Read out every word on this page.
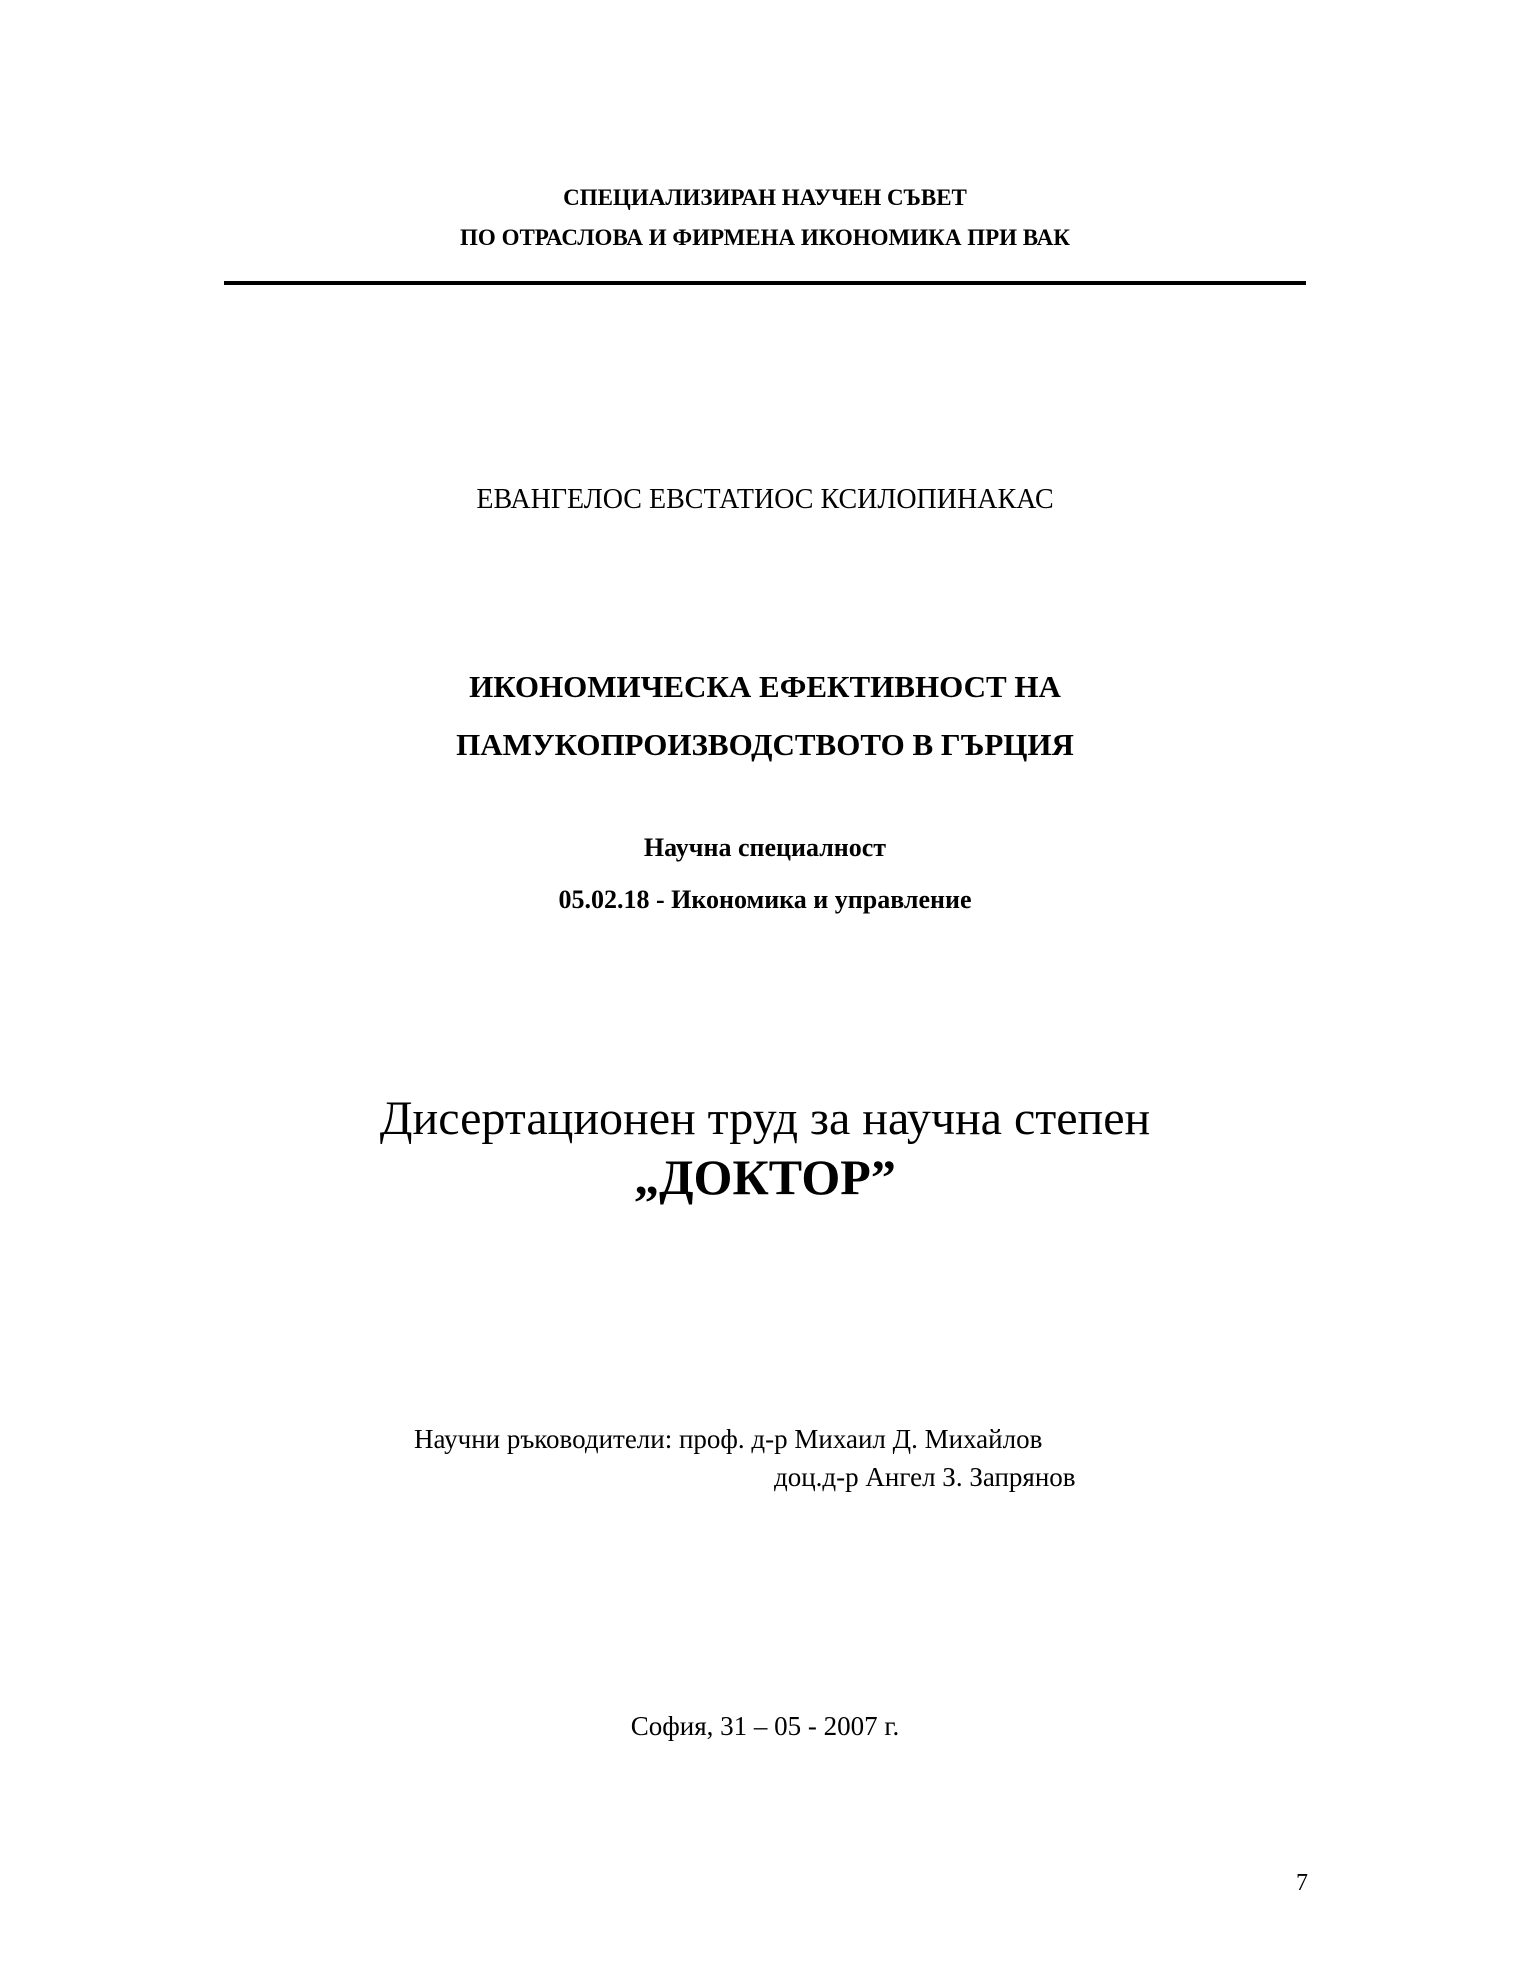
СПЕЦИАЛИЗИРАН НАУЧЕН СЪВЕТ
ПО ОТРАСЛОВА И ФИРМЕНА ИКОНОМИКА ПРИ ВАК
ЕВАНГЕЛОС ЕВСТАТИОС КСИЛОПИНАКАС
ИКОНОМИЧЕСКА ЕФЕКТИВНОСТ НА
ПАМУКОПРОИЗВОДСТВОТО В ГЪРЦИЯ
Научна специалност
05.02.18 - Икономика и управление
Дисертационен труд за научна степен
„ДОКТОР”
Научни ръководители: проф. д-р Михаил Д. Михайлов
доц.д-р Ангел З. Запрянов
София, 31 – 05 - 2007 г.
7
